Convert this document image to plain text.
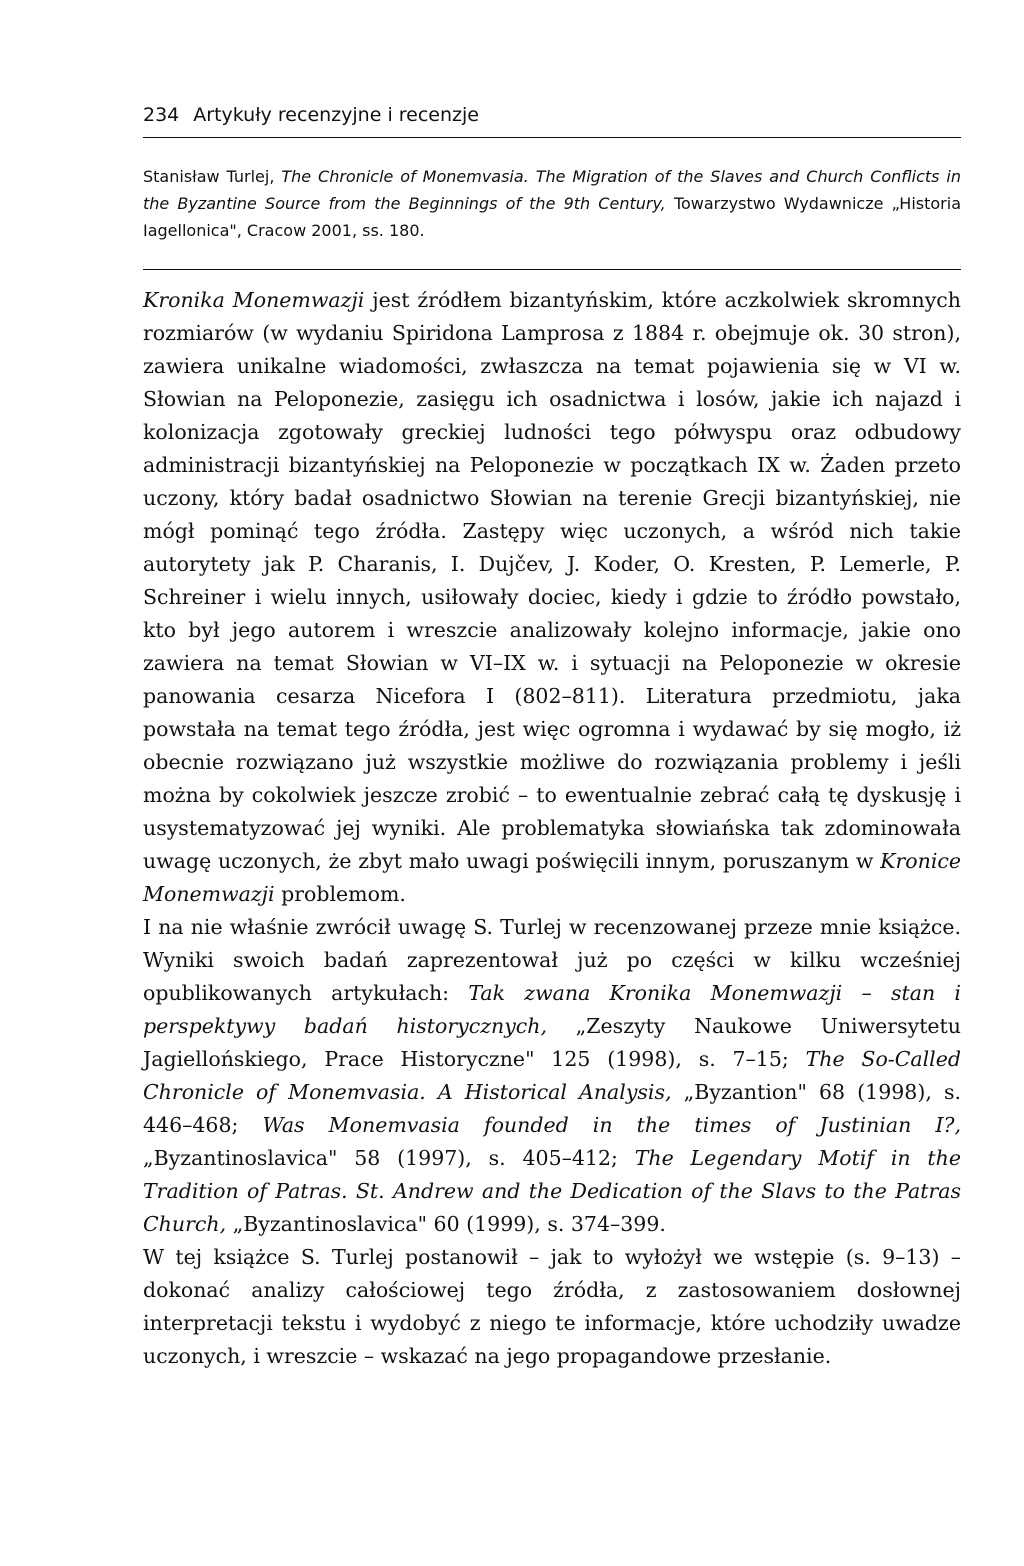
234 Artykuły recenzyjne i recenzje
Stanisław Turlej, The Chronicle of Monemvasia. The Migration of the Slaves and Church Conflicts in the Byzantine Source from the Beginnings of the 9th Century, Towarzystwo Wydawnicze „Historia Iagellonica", Cracow 2001, ss. 180.

Kronika Monemwazji jest źródłem bizantyńskim, które aczkolwiek skromnych rozmiarów (w wydaniu Spiridona Lamprosa z 1884 r. obejmuje ok. 30 stron), zawiera unikalne wiadomości, zwłaszcza na temat pojawienia się w VI w. Słowian na Peloponezie, zasięgu ich osadnictwa i losów, jakie ich najazd i kolonizacja zgotowały greckiej ludności tego półwyspu oraz odbudowy administracji bizantyńskiej na Peloponezie w początkach IX w. Żaden przeto uczony, który badał osadnictwo Słowian na terenie Grecji bizantyńskiej, nie mógł pominąć tego źródła. Zastępy więc uczonych, a wśród nich takie autorytety jak P. Charanis, I. Dujčev, J. Koder, O. Kresten, P. Lemerle, P. Schreiner i wielu innych, usiłowały dociec, kiedy i gdzie to źródło powstało, kto był jego autorem i wreszcie analizowały kolejno informacje, jakie ono zawiera na temat Słowian w VI–IX w. i sytuacji na Peloponezie w okresie panowania cesarza Nicefora I (802–811). Literatura przedmiotu, jaka powstała na temat tego źródła, jest więc ogromna i wydawać by się mogło, iż obecnie rozwiązano już wszystkie możliwe do rozwiązania problemy i jeśli można by cokolwiek jeszcze zrobić – to ewentualnie zebrać całą tę dyskusję i usystematyzować jej wyniki. Ale problematyka słowiańska tak zdominowała uwagę uczonych, że zbyt mało uwagi poświęcili innym, poruszanym w Kronice Monemwazji problemom.

I na nie właśnie zwrócił uwagę S. Turlej w recenzowanej przeze mnie książce. Wyniki swoich badań zaprezentował już po części w kilku wcześniej opublikowanych artykułach: Tak zwana Kronika Monemwazji – stan i perspektywy badań historycznych, „Zeszyty Naukowe Uniwersytetu Jagiellońskiego, Prace Historyczne" 125 (1998), s. 7–15; The So-Called Chronicle of Monemvasia. A Historical Analysis, „Byzantion" 68 (1998), s. 446–468; Was Monemvasia founded in the times of Justinian I?, „Byzantinoslavica" 58 (1997), s. 405–412; The Legendary Motif in the Tradition of Patras. St. Andrew and the Dedication of the Slavs to the Patras Church, „Byzantinoslavica" 60 (1999), s. 374–399.

W tej książce S. Turlej postanowił – jak to wyłożył we wstępie (s. 9–13) – dokonać analizy całościowej tego źródła, z zastosowaniem dosłownej interpretacji tekstu i wydobyć z niego te informacje, które uchodziły uwadze uczonych, i wreszcie – wskazać na jego propagandowe przesłanie.
